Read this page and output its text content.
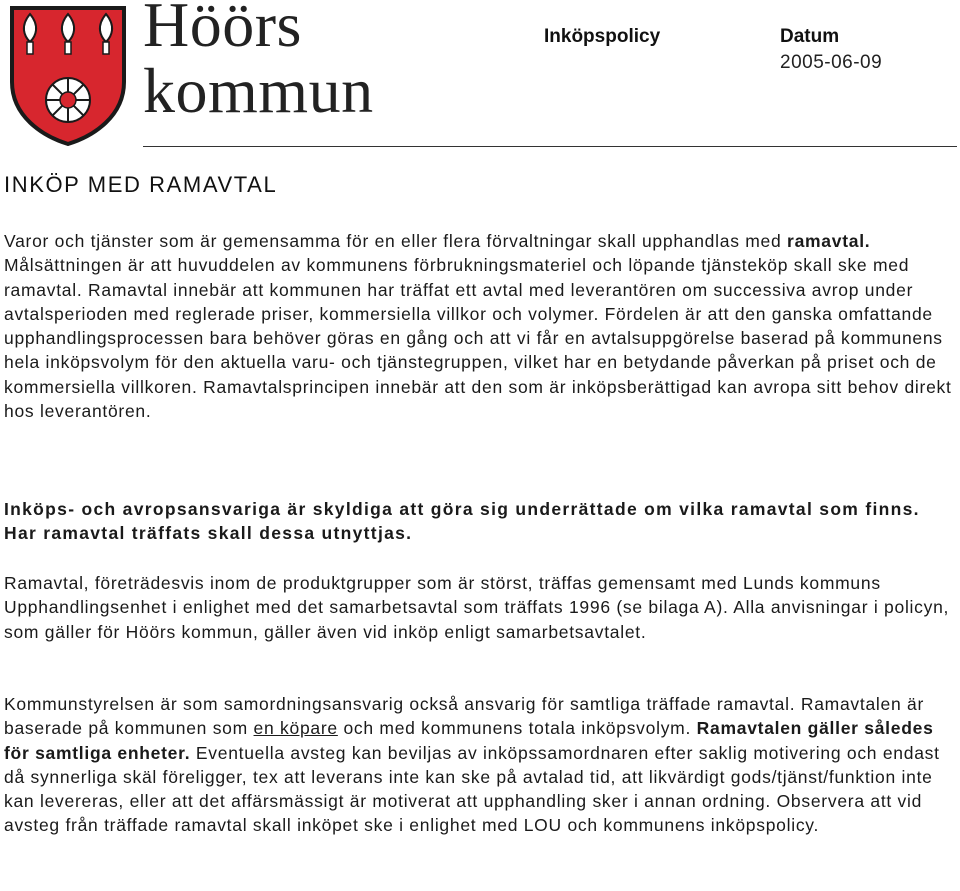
Höörs
kommun
Inköpspolicy	Datum
2005-06-09
INKÖP MED RAMAVTAL

Varor och tjänster som är gemensamma för en eller flera förvaltningar skall upphandlas med ramavtal. Målsättningen är att huvuddelen av kommunens förbrukningsmateriel och löpande tjänsteköp skall ske med ramavtal. Ramavtal innebär att kommunen har träffat ett avtal med leverantören om successiva avrop under avtalsperioden med reglerade priser, kommersiella villkor och volymer. Fördelen är att den ganska omfattande upphandlingsprocessen bara behöver göras en gång och att vi får en avtalsuppgörelse baserad på kommunens hela inköpsvolym för den aktuella varu- och tjänstegruppen, vilket har en betydande påverkan på priset och de kommersiella villkoren. Ramavtalsprincipen innebär att den som är inköpsberättigad kan avropa sitt behov direkt hos leverantören.

Inköps- och avropsansvariga är skyldiga att göra sig underrättade om vilka ramavtal som finns. Har ramavtal träffats skall dessa utnyttjas.
Ramavtal, företrädesvis inom de produktgrupper som är störst, träffas gemensamt med Lunds kommuns Upphandlingsenhet i enlighet med det samarbetsavtal som träffats 1996 (se bilaga A). Alla anvisningar i policyn, som gäller för Höörs kommun, gäller även vid inköp enligt samarbetsavtalet.

Kommunstyrelsen är som samordningsansvarig också ansvarig för samtliga träffade ramavtal. Ramavtalen är baserade på kommunen som en köpare och med kommunens totala inköpsvolym. Ramavtalen gäller således för samtliga enheter. Eventuella avsteg kan beviljas av inköpssamordnaren efter saklig motivering och endast då synnerliga skäl föreligger, tex att leverans inte kan ske på avtalad tid, att likvärdigt gods/tjänst/funktion inte kan levereras, eller att det affärsmässigt är motiverat att upphandling sker i annan ordning. Observera att vid avsteg från träffade ramavtal skall inköpet ske i enlighet med LOU och kommunens inköpspolicy.
